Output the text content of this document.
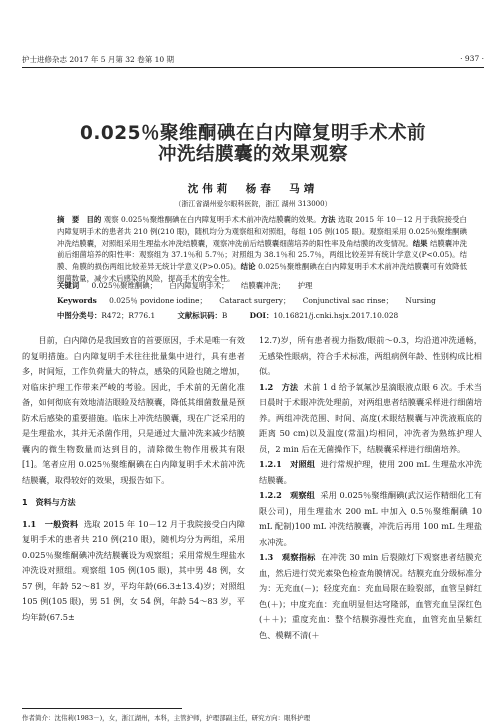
护士进修杂志 2017 年 5 月第 32 卷第 10 期	· 937 ·
0.025％聚维酮碘在白内障复明手术术前
冲洗结膜囊的效果观察
沈伟莉　杨春　马靖
（浙江省湖州爱尔眼科医院，浙江 湖州 313000）
摘　要 目的 观察 0.025％聚维酮碘在白内障复明手术术前冲洗结膜囊的效果。方法 选取 2015 年 10－12 月于我院接受白内障复明手术的患者共 210 例(210 眼)，随机均分为观察组和对照组，每组 105 例(105 眼)。观察组采用 0.025％聚维酮碘冲洗结膜囊，对照组采用生理盐水冲洗结膜囊，观察冲洗前后结膜囊细菌培养的阳性率及角结膜的改变情况。结果 结膜囊冲洗前后细菌培养的阳性率：观察组为 37.1％和 5.7％；对照组为 38.1％和 25.7％，两组比较差异有统计学意义(P<0.05)。结膜、角膜的损伤两组比较差异无统计学意义(P>0.05)。结论 0.025％聚维酮碘在白内障复明手术术前冲洗结膜囊可有效降低细菌数量，减少术后感染的风险，提高手术的安全性。
关键词 0.025％聚维酮碘； 白内障复明手术； 结膜囊冲洗； 护理
Keywords 0.025％ povidone iodine； Cataract surgery； Conjunctival sac rinse； Nursing
中图分类号：R472；R776.1	文献标识码：B	DOI：10.16821/j.cnki.hsjx.2017.10.028

目前，白内障仍是我国致盲的首要原因，手术是唯一有效的复明措施。白内障复明手术往往批量集中进行，具有患者多，时间短，工作负荷量大的特点，感染的风险也随之增加，对临床护理工作带来严峻的考验。因此，手术前的无菌化准备，如何彻底有效地清洁眼睑及结膜囊，降低其细菌数量是预防术后感染的重要措施。临床上冲洗结膜囊，现在广泛采用的是生理盐水，其并无杀菌作用，只是通过大量冲洗来减少结膜囊内的微生物数量而达到目的，清除微生物作用极其有限[1]。笔者应用 0.025％聚维酮碘在白内障复明手术术前冲洗结膜囊，取得较好的效果，现报告如下。

1　资料与方法

1.1　一般资料 选取 2015 年 10－12 月于我院接受白内障复明手术的患者共 210 例(210 眼)，随机均分为两组，采用 0.025％聚维酮碘冲洗结膜囊设为观察组；采用常规生理盐水冲洗设对照组。观察组 105 例(105 眼)，其中男 48 例，女 57 例，年龄 52～81 岁，平均年龄(66.3±13.4)岁；对照组 105 例(105 眼)，男 51 例，女 54 例，年龄 54～83 岁，平均年龄(67.5±

12.7)岁，所有患者视力指数/眼前～0.3，均沿道冲洗通畅，无感染性眼病，符合手术标准，两组病例年龄、性别构成比相似。

1.2　方法 术前 1 d 给予氧氟沙星滴眼液点眼 6 次。手术当日晨时于术眼冲洗处理前，对两组患者结膜囊采样进行细菌培养。两组冲洗范围、时间、高度(术眼结膜囊与冲洗液瓶底的距离 50 cm)以及温度(常温)均相同，冲洗者为熟练护理人员，2 min 后在无菌操作下，结膜囊采样进行细菌培养。

1.2.1　对照组 进行常规护理，使用 200 mL 生理盐水冲洗结膜囊。

1.2.2　观察组 采用 0.025％聚维酮碘(武汉运作精细化工有限公司)，用生理盐水 200 mL 中加入 0.5％聚维酮碘 10 mL 配制)100 mL 冲洗结膜囊，冲洗后再用 100 mL 生理盐水冲洗。

1.3　观察指标 在冲洗 30 min 后裂隙灯下观察患者结膜充血，然后进行荧光素染色检查角膜情况。结膜充血分级标准分为：无充血(－)；轻度充血：充血局限在睑裂部，血管呈鲜红色(＋)；中度充血：充血明显但达穹隆部，血管充血呈深红色(＋＋)；重度充血：整个结膜弥漫性充血，血管充血呈紫红色、模糊不清(＋

作者简介：沈伟莉(1983－)，女，浙江湖州，本科，主管护师，护理部副主任，研究方向：眼科护理
